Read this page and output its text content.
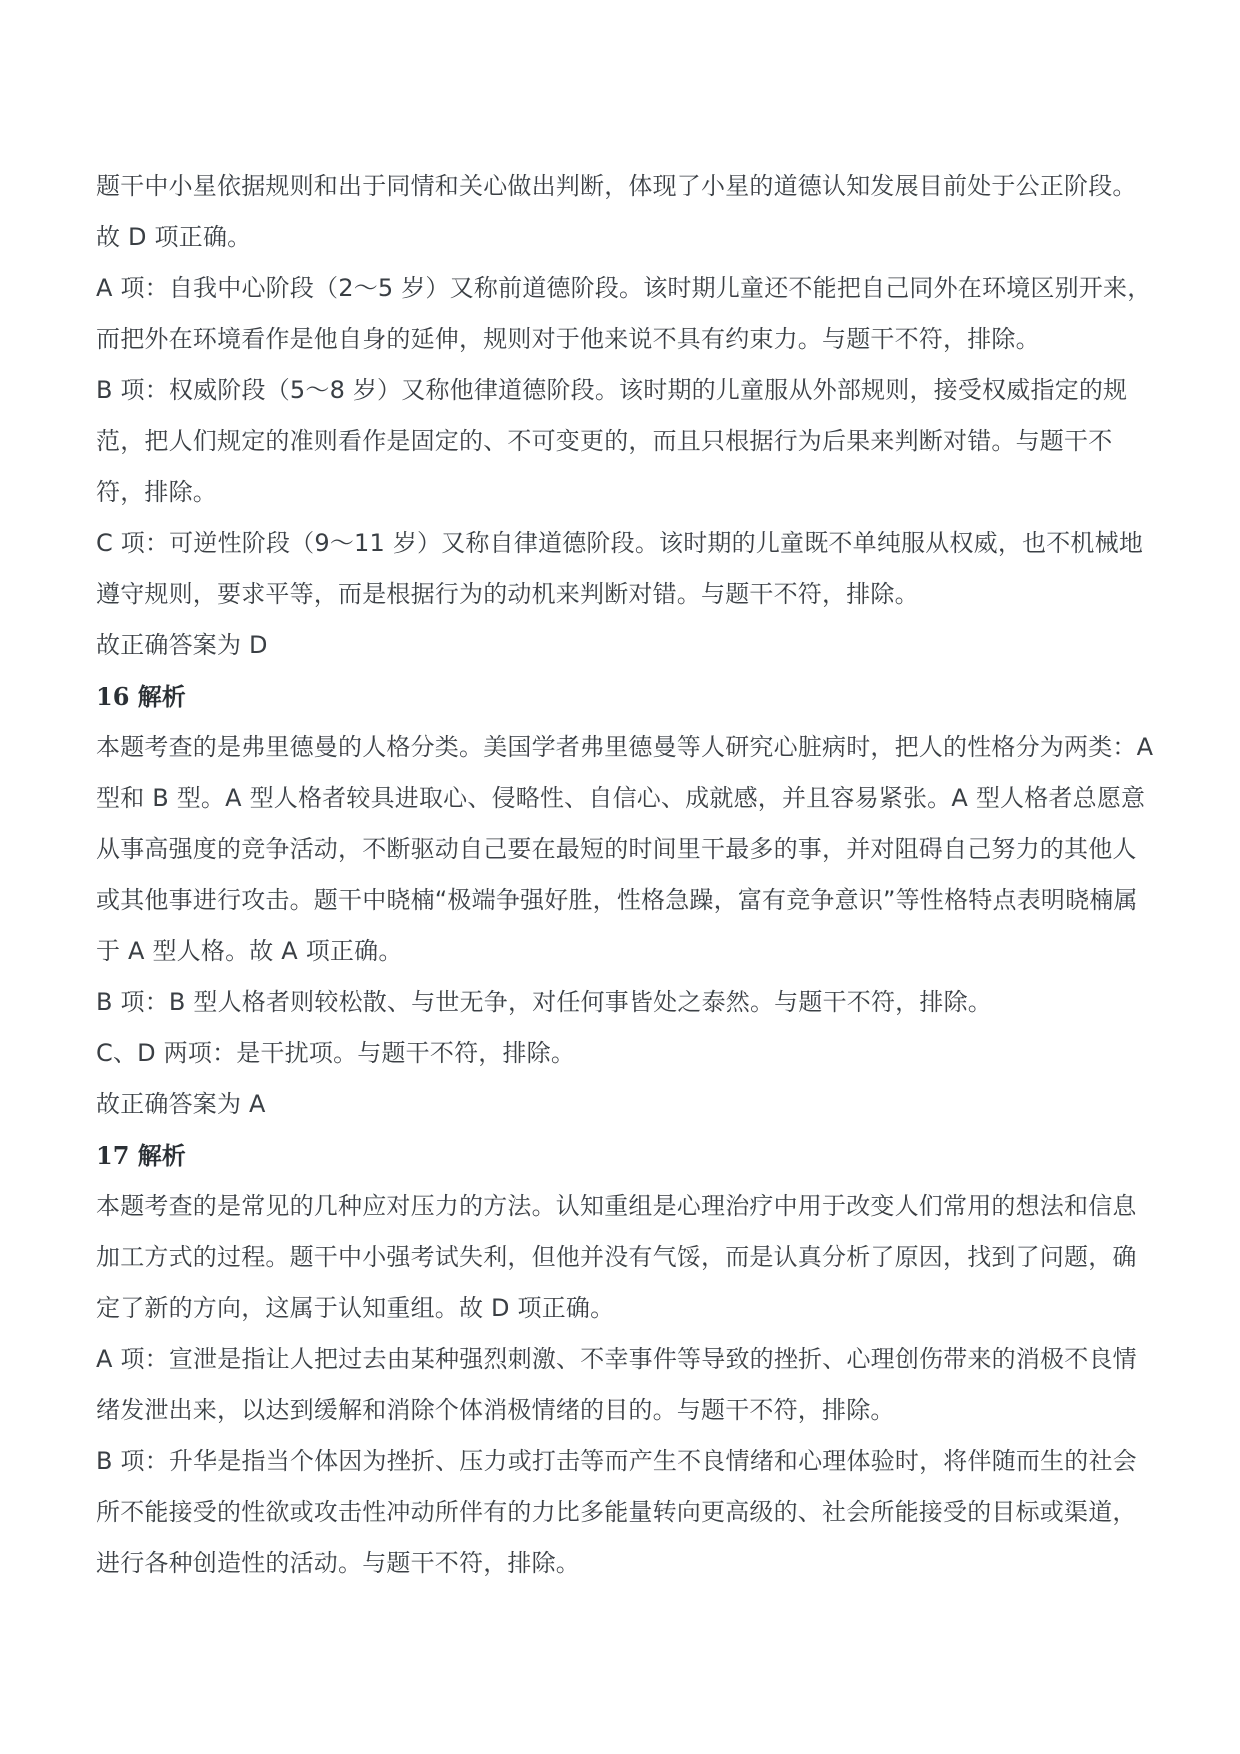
题干中小星依据规则和出于同情和关心做出判断，体现了小星的道德认知发展目前处于公正阶段。故 D 项正确。

A 项：自我中心阶段（2～5 岁）又称前道德阶段。该时期儿童还不能把自己同外在环境区别开来，而把外在环境看作是他自身的延伸，规则对于他来说不具有约束力。与题干不符，排除。

B 项：权威阶段（5～8 岁）又称他律道德阶段。该时期的儿童服从外部规则，接受权威指定的规范，把人们规定的准则看作是固定的、不可变更的，而且只根据行为后果来判断对错。与题干不符，排除。

C 项：可逆性阶段（9～11 岁）又称自律道德阶段。该时期的儿童既不单纯服从权威，也不机械地遵守规则，要求平等，而是根据行为的动机来判断对错。与题干不符，排除。

故正确答案为 D

16 解析

本题考查的是弗里德曼的人格分类。美国学者弗里德曼等人研究心脏病时，把人的性格分为两类：A 型和 B 型。A 型人格者较具进取心、侵略性、自信心、成就感，并且容易紧张。A 型人格者总愿意从事高强度的竞争活动，不断驱动自己要在最短的时间里干最多的事，并对阻碍自己努力的其他人或其他事进行攻击。题干中晓楠“极端争强好胜，性格急躁，富有竞争意识”等性格特点表明晓楠属于 A 型人格。故 A 项正确。

B 项：B 型人格者则较松散、与世无争，对任何事皆处之泰然。与题干不符，排除。

C、D 两项：是干扰项。与题干不符，排除。

故正确答案为 A

17 解析

本题考查的是常见的几种应对压力的方法。认知重组是心理治疗中用于改变人们常用的想法和信息加工方式的过程。题干中小强考试失利，但他并没有气馁，而是认真分析了原因，找到了问题，确定了新的方向，这属于认知重组。故 D 项正确。

A 项：宣泄是指让人把过去由某种强烈刺激、不幸事件等导致的挫折、心理创伤带来的消极不良情绪发泄出来，以达到缓解和消除个体消极情绪的目的。与题干不符，排除。

B 项：升华是指当个体因为挫折、压力或打击等而产生不良情绪和心理体验时，将伴随而生的社会所不能接受的性欲或攻击性冲动所伴有的力比多能量转向更高级的、社会所能接受的目标或渠道，进行各种创造性的活动。与题干不符，排除。
